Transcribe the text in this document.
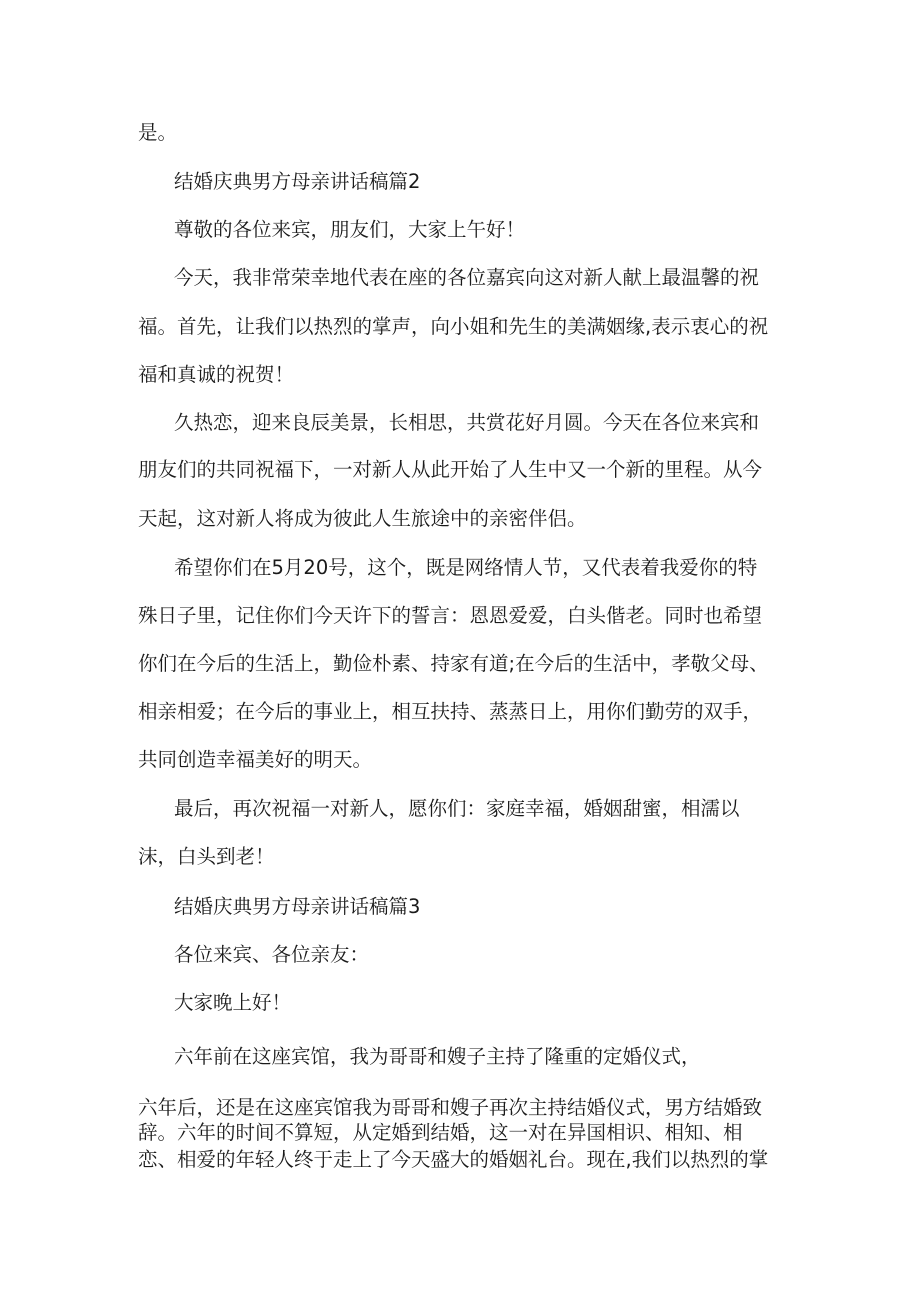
是。
结婚庆典男方母亲讲话稿篇2
尊敬的各位来宾，朋友们，大家上午好！
今天，我非常荣幸地代表在座的各位嘉宾向这对新人献上最温馨的祝
福。首先，让我们以热烈的掌声，向小姐和先生的美满姻缘,表示衷心的祝
福和真诚的祝贺！
久热恋，迎来良辰美景，长相思，共赏花好月圆。今天在各位来宾和
朋友们的共同祝福下，一对新人从此开始了人生中又一个新的里程。从今
天起，这对新人将成为彼此人生旅途中的亲密伴侣。
希望你们在5月20号，这个，既是网络情人节，又代表着我爱你的特
殊日子里，记住你们今天许下的誓言：恩恩爱爱，白头偕老。同时也希望
你们在今后的生活上，勤俭朴素、持家有道;在今后的生活中，孝敬父母、
相亲相爱；在今后的事业上，相互扶持、蒸蒸日上，用你们勤劳的双手，
共同创造幸福美好的明天。
最后，再次祝福一对新人，愿你们：家庭幸福，婚姻甜蜜，相濡以
沫，白头到老！
结婚庆典男方母亲讲话稿篇3
各位来宾、各位亲友：
大家晚上好！
六年前在这座宾馆，我为哥哥和嫂子主持了隆重的定婚仪式，
六年后，还是在这座宾馆我为哥哥和嫂子再次主持结婚仪式，男方结婚致
辞。六年的时间不算短，从定婚到结婚，这一对在异国相识、相知、相
恋、相爱的年轻人终于走上了今天盛大的婚姻礼台。现在,我们以热烈的掌
